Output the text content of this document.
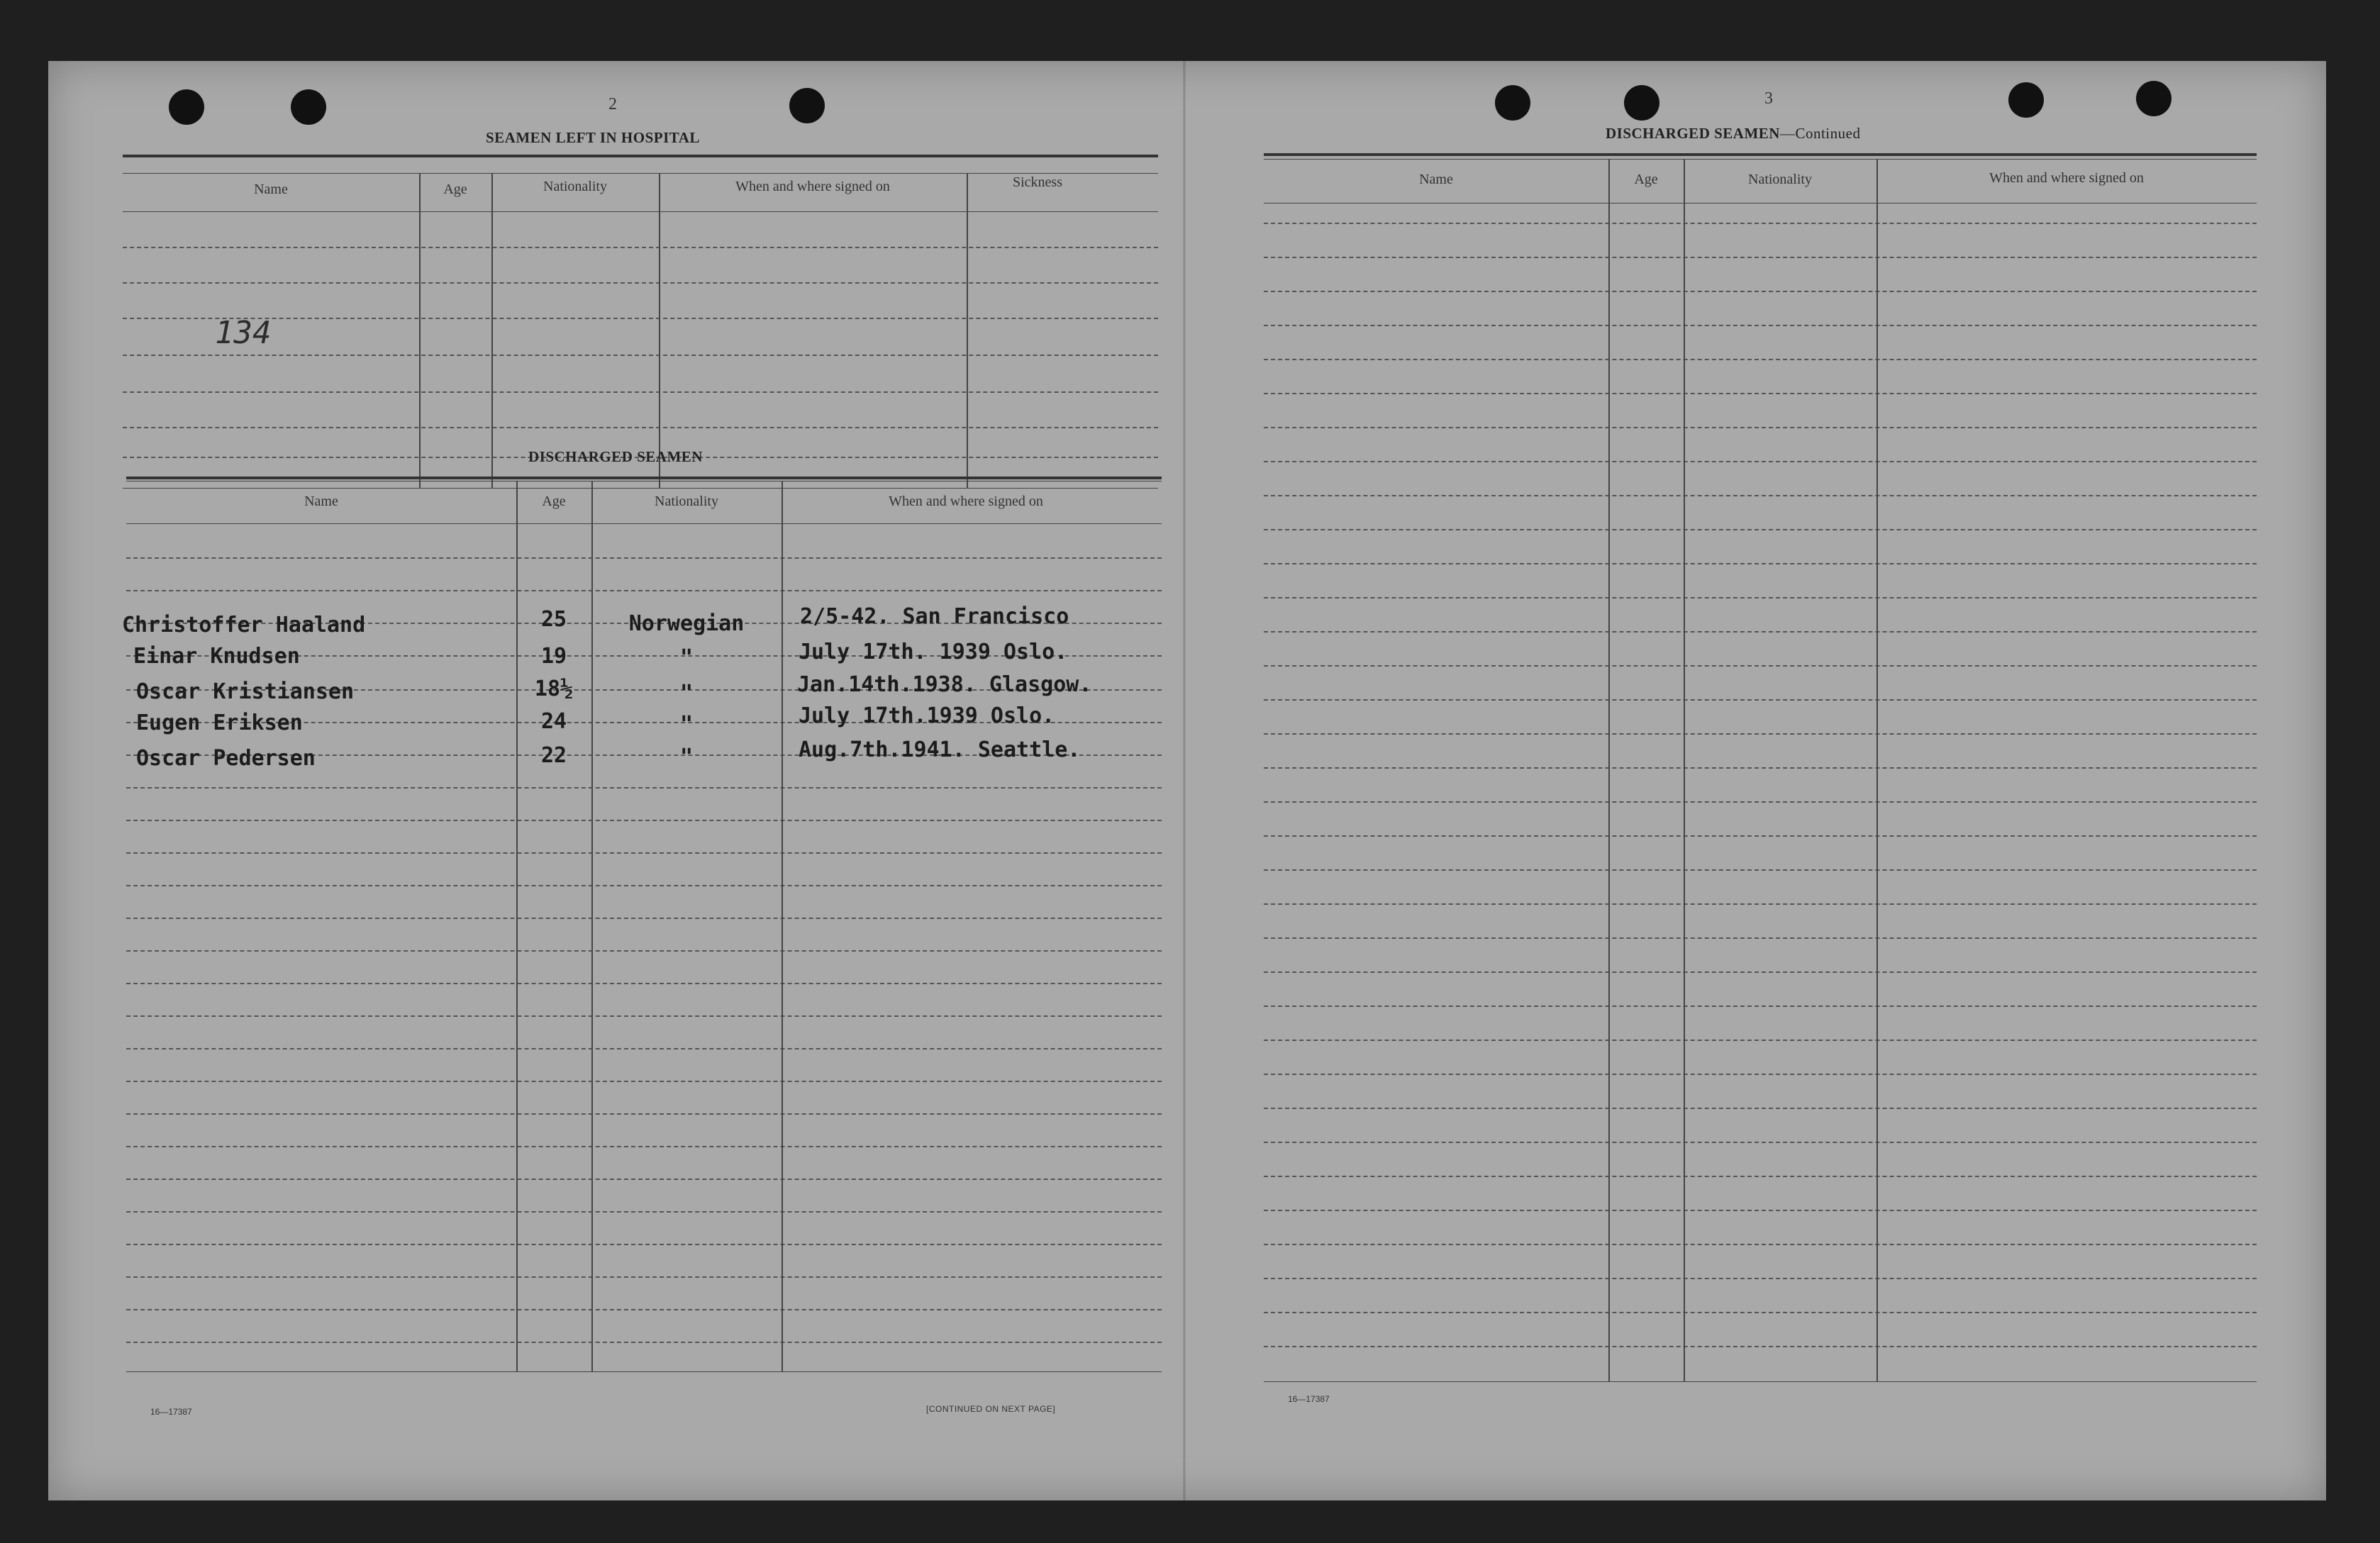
2
SEAMEN LEFT IN HOSPITAL
Name	Age	Nationality	When and where signed on	Sickness
134
DISCHARGED SEAMEN
Name	Age	Nationality	When and where signed on
Christoffer Haaland	25	Norwegian	2/5-42. San Francisco
Einar Knudsen	19	"	July 17th. 1939 Oslo.
Oscar Kristiansen	18½	"	Jan.14th.1938. Glasgow.
Eugen Eriksen	24	"	July 17th.1939 Oslo.
Oscar Pedersen	22	"	Aug.7th.1941. Seattle.
16—17387	[CONTINUED ON NEXT PAGE]
3
DISCHARGED SEAMEN—Continued
Name	Age	Nationality	When and where signed on
16—17387
